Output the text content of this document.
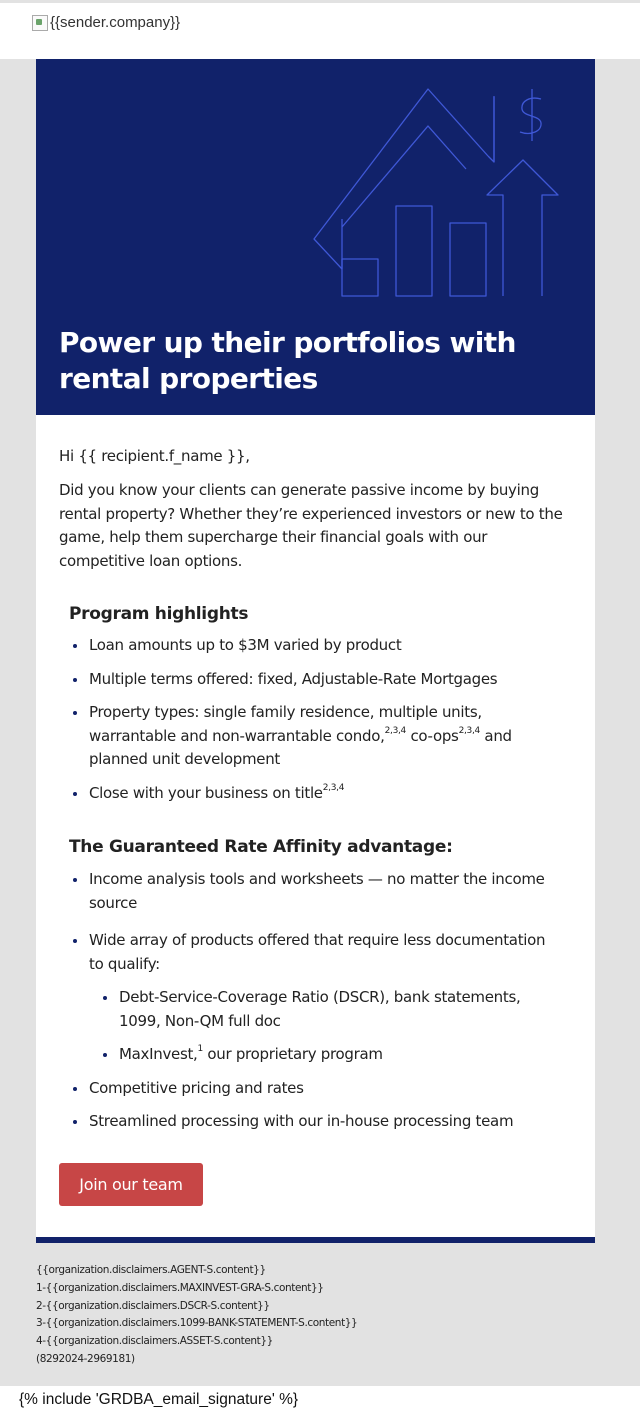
{{sender.company}}
Power up their portfolios with rental properties
Hi {{ recipient.f_name }},
Did you know your clients can generate passive income by buying rental property? Whether they’re experienced investors or new to the game, help them supercharge their financial goals with our competitive loan options.
Program highlights
Loan amounts up to $3M varied by product
Multiple terms offered: fixed, Adjustable-Rate Mortgages
Property types: single family residence, multiple units, warrantable and non-warrantable condo,$^{2,3,4}$ co-ops$^{2,3,4}$ and planned unit development
Close with your business on title$^{2,3,4}$
The Guaranteed Rate Affinity advantage:
Income analysis tools and worksheets — no matter the income source
Wide array of products offered that require less documentation to qualify:
Debt-Service-Coverage Ratio (DSCR), bank statements, 1099, Non-QM full doc
MaxInvest,$^1$ our proprietary program
Competitive pricing and rates
Streamlined processing with our in-house processing team
Join our team
{{organization.disclaimers.AGENT-S.content}}
1-{{organization.disclaimers.MAXINVEST-GRA-S.content}}
2-{{organization.disclaimers.DSCR-S.content}}
3-{{organization.disclaimers.1099-BANK-STATEMENT-S.content}}
4-{{organization.disclaimers.ASSET-S.content}}
(8292024-2969181)
{% include 'GRDBA_email_signature' %}
